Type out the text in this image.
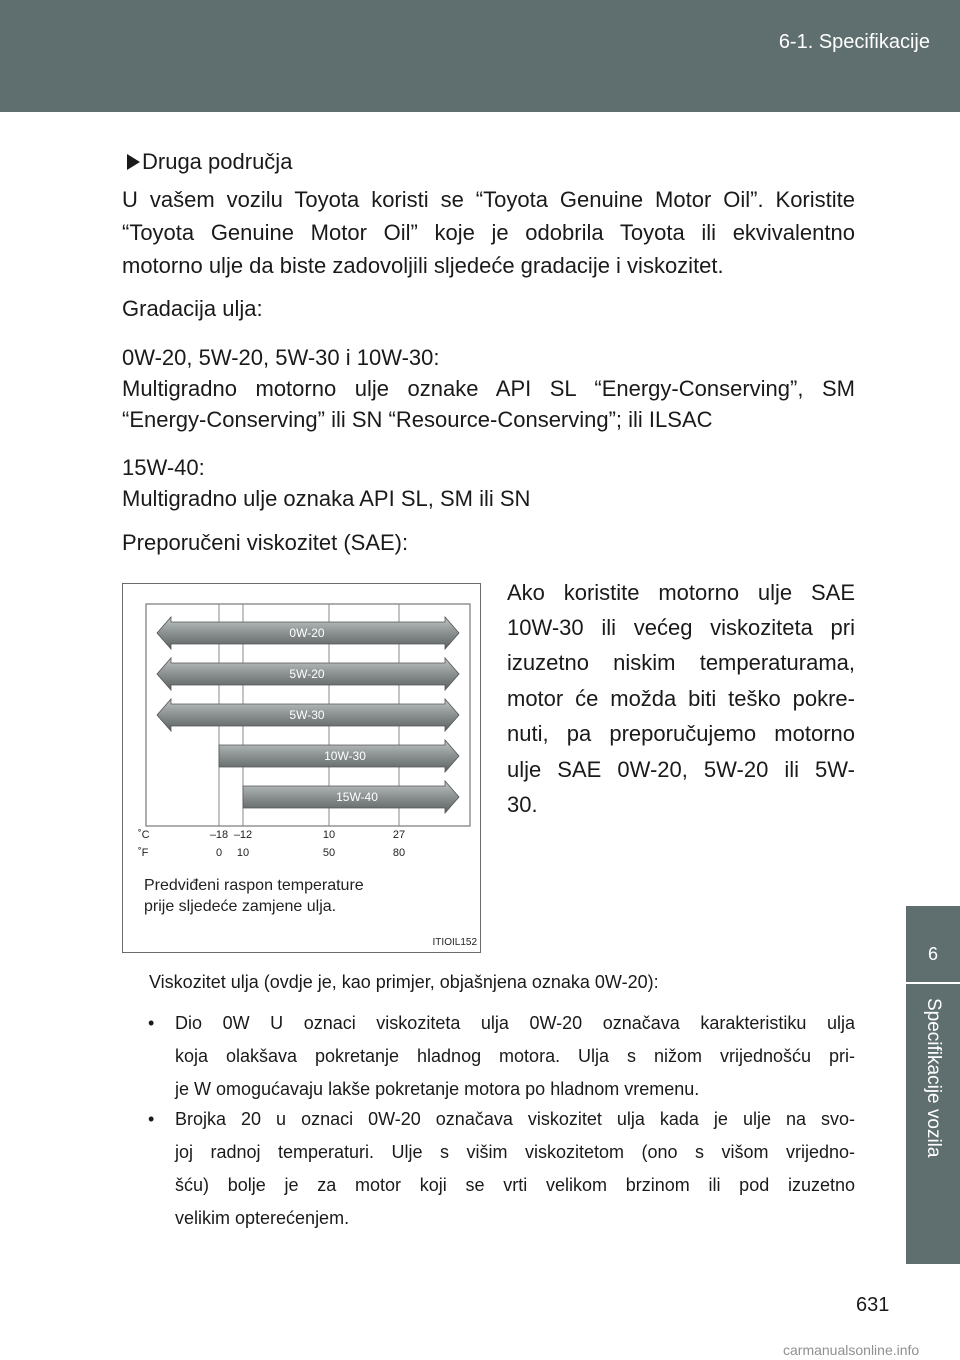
6-1. Specifikacije
6
Specifikacije vozila

Druga područja

U vašem vozilu Toyota koristi se “Toyota Genuine Motor Oil”. Koristite

“Toyota Genuine Motor Oil” koje je odobrila Toyota ili ekvivalentno

motorno ulje da biste zadovoljili sljedeće gradacije i viskozitet.

Gradacija ulja:

0W-20, 5W-20, 5W-30 i 10W-30:

Multigradno motorno ulje oznake API SL “Energy-Conserving”, SM

“Energy-Conserving” ili SN “Resource-Conserving”; ili ILSAC

15W-40:

Multigradno ulje oznaka API SL, SM ili SN

Preporučeni viskozitet (SAE):

Ako koristite motorno ulje SAE

10W-30 ili većeg viskoziteta pri

izuzetno niskim temperaturama,

motor će možda biti teško pokre-

nuti, pa preporučujemo motorno

ulje SAE 0W-20, 5W-20 ili 5W-

30.

0W-20
5W-20
5W-30
10W-30
15W-40
˚C
˚F
–18 –12	10	27
0 10	50	80
Predviđeni raspon temperature
prije sljedeće zamjene ulja.
ITIOIL152

Viskozitet ulja (ovdje je, kao primjer, objašnjena oznaka 0W-20):

• Dio 0W U oznaci viskoziteta ulja 0W-20 označava karakteristiku ulja

koja olakšava pokretanje hladnog motora. Ulja s nižom vrijednošću pri-

je W omogućavaju lakše pokretanje motora po hladnom vremenu.

• Brojka 20 u oznaci 0W-20 označava viskozitet ulja kada je ulje na svo-

joj radnoj temperaturi. Ulje s višim viskozitetom (ono s višom vrijedno-

šću) bolje je za motor koji se vrti velikom brzinom ili pod izuzetno

velikim opterećenjem.

631
carmanualsonline.info
